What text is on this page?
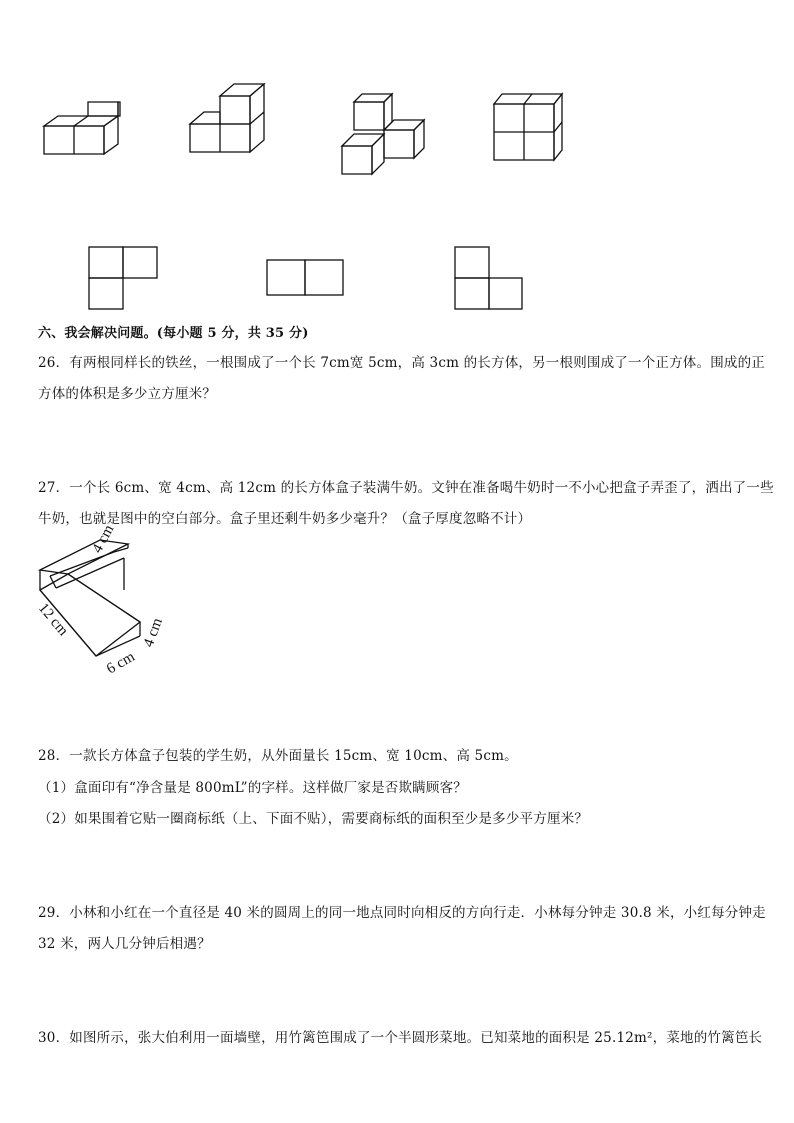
六、我会解决问题。(每小题 5 分，共 35 分)
26．有两根同样长的铁丝，一根围成了一个长 7cm宽 5cm，高 3cm 的长方体，另一根则围成了一个正方体。围成的正
方体的体积是多少立方厘米？
27．一个长 6cm、宽 4cm、高 12cm 的长方体盒子装满牛奶。文钟在准备喝牛奶时一不小心把盒子弄歪了，洒出了一些
牛奶，也就是图中的空白部分。盒子里还剩牛奶多少毫升？（盒子厚度忽略不计）
4 cm
12 cm
6 cm
4 cm
28．一款长方体盒子包装的学生奶，从外面量长 15cm、宽 10cm、高 5cm。
（1）盒面印有“净含量是 800mL”的字样。这样做厂家是否欺瞒顾客？
（2）如果围着它贴一圈商标纸（上、下面不贴），需要商标纸的面积至少是多少平方厘米？
29．小林和小红在一个直径是 40 米的圆周上的同一地点同时向相反的方向行走．小林每分钟走 30.8 米，小红每分钟走
32 米，两人几分钟后相遇？
30．如图所示，张大伯利用一面墙壁，用竹篱笆围成了一个半圆形菜地。已知菜地的面积是 25.12m²，菜地的竹篱笆长
